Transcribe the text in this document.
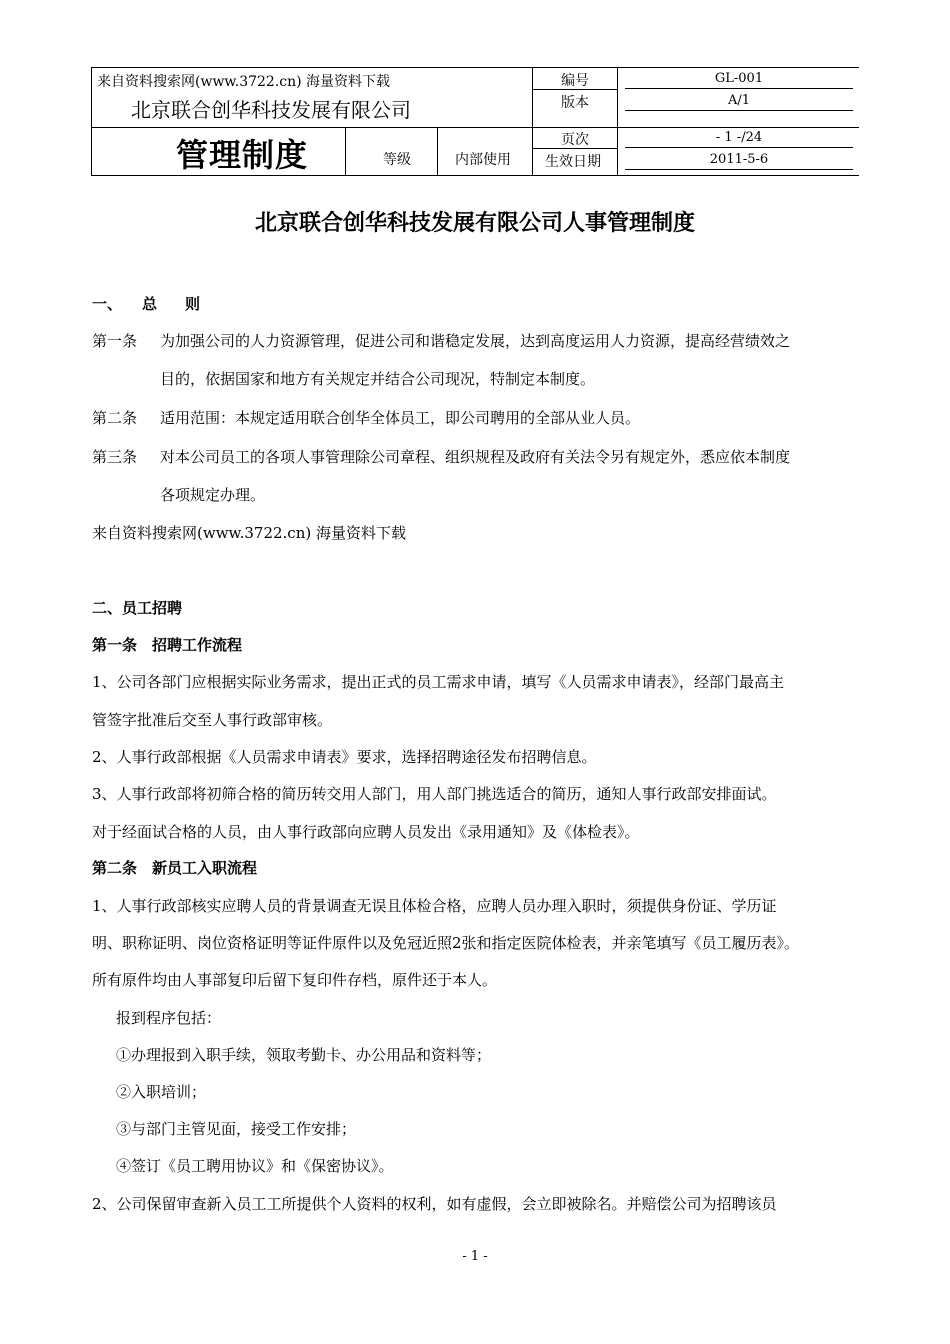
来自资料搜索网(www.3722.cn) 海量资料下载
北京联合创华科技发展有限公司
管理制度	等级	内部使用
编号	GL-001
版本	A/1
页次	- 1 -/24
生效日期	2011-5-6
北京联合创华科技发展有限公司人事管理制度
一、 总 则
第一条 为加强公司的人力资源管理，促进公司和谐稳定发展，达到高度运用人力资源，提高经营绩效之
目的，依据国家和地方有关规定并结合公司现况，特制定本制度。
第二条 适用范围：本规定适用联合创华全体员工，即公司聘用的全部从业人员。
第三条 对本公司员工的各项人事管理除公司章程、组织规程及政府有关法令另有规定外，悉应依本制度
各项规定办理。
来自资料搜索网(www.3722.cn) 海量资料下载
二、员工招聘
第一条　招聘工作流程
1、公司各部门应根据实际业务需求，提出正式的员工需求申请，填写《人员需求申请表》，经部门最高主
管签字批准后交至人事行政部审核。
2、人事行政部根据《人员需求申请表》要求，选择招聘途径发布招聘信息。
3、人事行政部将初筛合格的简历转交用人部门，用人部门挑选适合的简历，通知人事行政部安排面试。
对于经面试合格的人员，由人事行政部向应聘人员发出《录用通知》及《体检表》。
第二条　新员工入职流程
1、人事行政部核实应聘人员的背景调查无误且体检合格，应聘人员办理入职时，须提供身份证、学历证
明、职称证明、岗位资格证明等证件原件以及免冠近照2张和指定医院体检表，并亲笔填写《员工履历表》。
所有原件均由人事部复印后留下复印件存档，原件还于本人。
报到程序包括：
①办理报到入职手续，领取考勤卡、办公用品和资料等；
②入职培训；
③与部门主管见面，接受工作安排；
④签订《员工聘用协议》和《保密协议》。
2、公司保留审查新入员工工所提供个人资料的权利，如有虚假，会立即被除名。并赔偿公司为招聘该员
- 1 -
